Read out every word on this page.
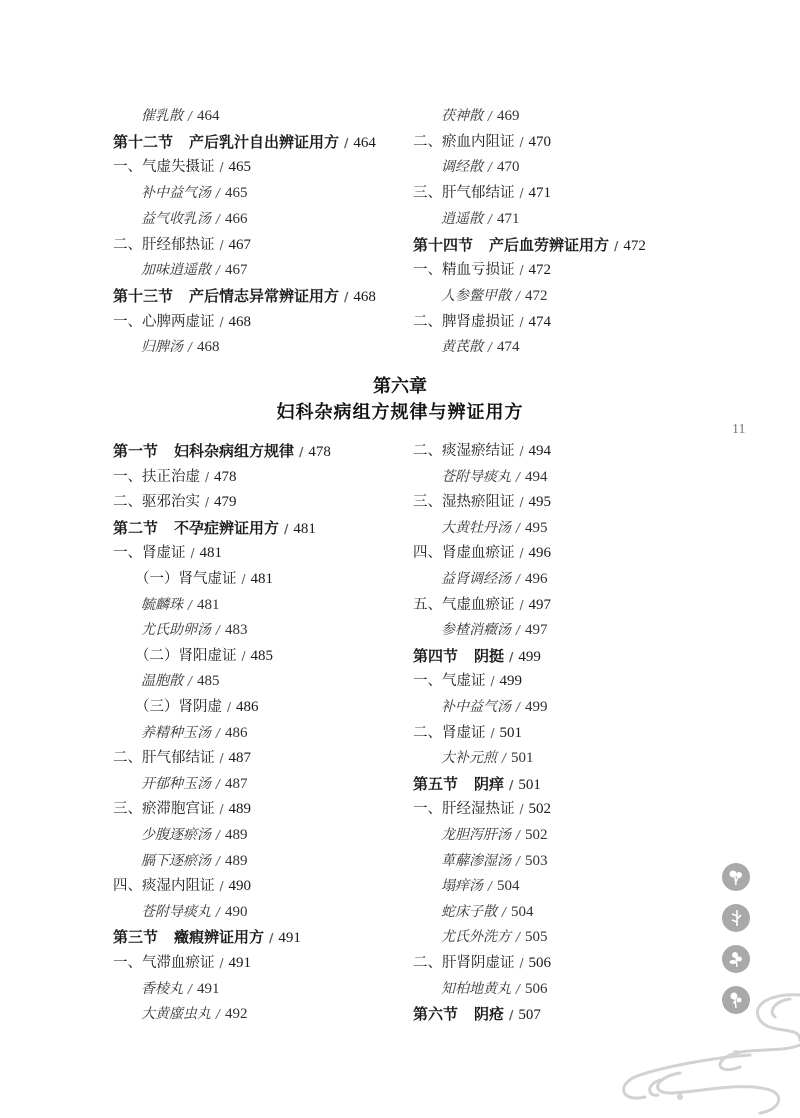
催乳散 / 464
第十二节 产后乳汁自出辨证用方 / 464
一、气虚失摄证 / 465
补中益气汤 / 465
益气收乳汤 / 466
二、肝经郁热证 / 467
加味逍遥散 / 467
第十三节 产后情志异常辨证用方 / 468
一、心脾两虚证 / 468
归脾汤 / 468
茯神散 / 469
二、瘀血内阻证 / 470
调经散 / 470
三、肝气郁结证 / 471
逍遥散 / 471
第十四节 产后血劳辨证用方 / 472
一、精血亏损证 / 472
人参鳖甲散 / 472
二、脾肾虚损证 / 474
黄芪散 / 474
第六章
妇科杂病组方规律与辨证用方
11
第一节 妇科杂病组方规律 / 478
一、扶正治虚 / 478
二、驱邪治实 / 479
第二节 不孕症辨证用方 / 481
一、肾虚证 / 481
（一）肾气虚证 / 481
毓麟珠 / 481
尤氏助卵汤 / 483
（二）肾阳虚证 / 485
温胞散 / 485
（三）肾阴虚 / 486
养精种玉汤 / 486
二、肝气郁结证 / 487
开郁种玉汤 / 487
三、瘀滞胞宫证 / 489
少腹逐瘀汤 / 489
膈下逐瘀汤 / 489
四、痰湿内阻证 / 490
苍附导痰丸 / 490
第三节 癥瘕辨证用方 / 491
一、气滞血瘀证 / 491
香棱丸 / 491
大黄䗪虫丸 / 492
二、痰湿瘀结证 / 494
苍附导痰丸 / 494
三、湿热瘀阻证 / 495
大黄牡丹汤 / 495
四、肾虚血瘀证 / 496
益肾调经汤 / 496
五、气虚血瘀证 / 497
参楂消癥汤 / 497
第四节 阴挺 / 499
一、气虚证 / 499
补中益气汤 / 499
二、肾虚证 / 501
大补元煎 / 501
第五节 阴痒 / 501
一、肝经湿热证 / 502
龙胆泻肝汤 / 502
萆薢渗湿汤 / 503
塌痒汤 / 504
蛇床子散 / 504
尤氏外洗方 / 505
二、肝肾阴虚证 / 506
知柏地黄丸 / 506
第六节 阴疮 / 507
